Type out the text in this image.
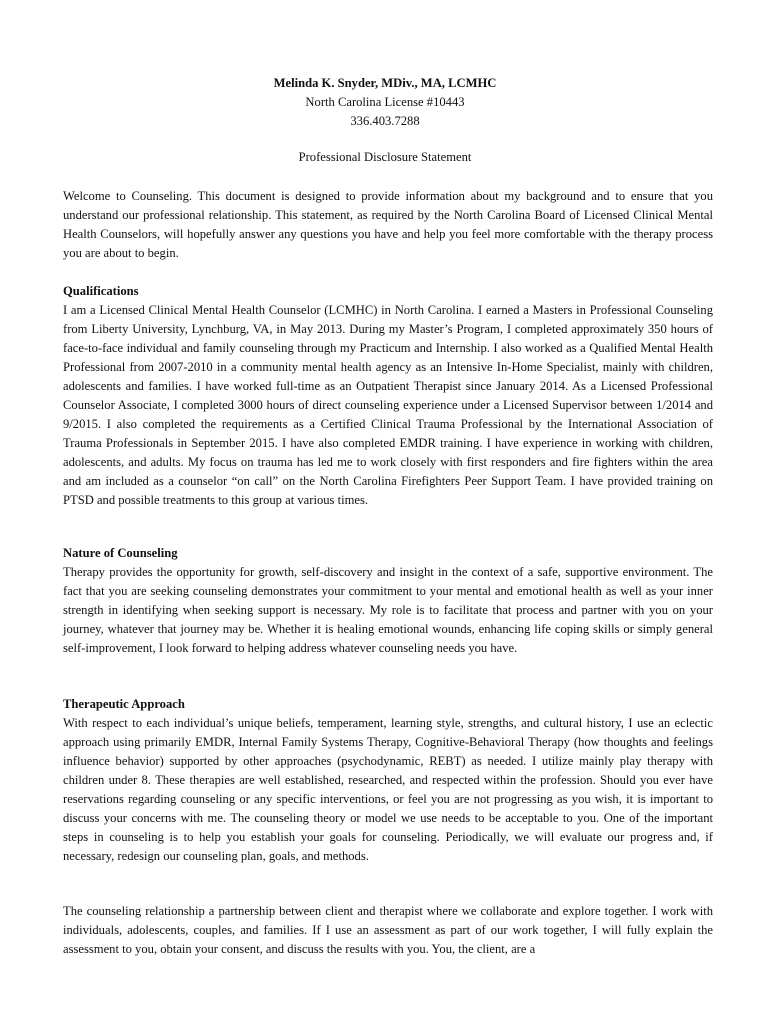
Melinda K. Snyder, MDiv., MA, LCMHC
North Carolina License #10443
336.403.7288
Professional Disclosure Statement

Welcome to Counseling. This document is designed to provide information about my background and to ensure that you understand our professional relationship. This statement, as required by the North Carolina Board of Licensed Clinical Mental Health Counselors, will hopefully answer any questions you have and help you feel more comfortable with the therapy process you are about to begin.

Qualifications

I am a Licensed Clinical Mental Health Counselor (LCMHC) in North Carolina. I earned a Masters in Professional Counseling from Liberty University, Lynchburg, VA, in May 2013. During my Master’s Program, I completed approximately 350 hours of face-to-face individual and family counseling through my Practicum and Internship. I also worked as a Qualified Mental Health Professional from 2007-2010 in a community mental health agency as an Intensive In-Home Specialist, mainly with children, adolescents and families. I have worked full-time as an Outpatient Therapist since January 2014. As a Licensed Professional Counselor Associate, I completed 3000 hours of direct counseling experience under a Licensed Supervisor between 1/2014 and 9/2015. I also completed the requirements as a Certified Clinical Trauma Professional by the International Association of Trauma Professionals in September 2015. I have also completed EMDR training. I have experience in working with children, adolescents, and adults. My focus on trauma has led me to work closely with first responders and fire fighters within the area and am included as a counselor “on call” on the North Carolina Firefighters Peer Support Team. I have provided training on PTSD and possible treatments to this group at various times.

Nature of Counseling

Therapy provides the opportunity for growth, self-discovery and insight in the context of a safe, supportive environment. The fact that you are seeking counseling demonstrates your commitment to your mental and emotional health as well as your inner strength in identifying when seeking support is necessary. My role is to facilitate that process and partner with you on your journey, whatever that journey may be. Whether it is healing emotional wounds, enhancing life coping skills or simply general self-improvement, I look forward to helping address whatever counseling needs you have.

Therapeutic Approach

With respect to each individual’s unique beliefs, temperament, learning style, strengths, and cultural history, I use an eclectic approach using primarily EMDR, Internal Family Systems Therapy, Cognitive-Behavioral Therapy (how thoughts and feelings influence behavior) supported by other approaches (psychodynamic, REBT) as needed. I utilize mainly play therapy with children under 8. These therapies are well established, researched, and respected within the profession. Should you ever have reservations regarding counseling or any specific interventions, or feel you are not progressing as you wish, it is important to discuss your concerns with me. The counseling theory or model we use needs to be acceptable to you. One of the important steps in counseling is to help you establish your goals for counseling. Periodically, we will evaluate our progress and, if necessary, redesign our counseling plan, goals, and methods.

The counseling relationship a partnership between client and therapist where we collaborate and explore together. I work with individuals, adolescents, couples, and families. If I use an assessment as part of our work together, I will fully explain the assessment to you, obtain your consent, and discuss the results with you. You, the client, are a
